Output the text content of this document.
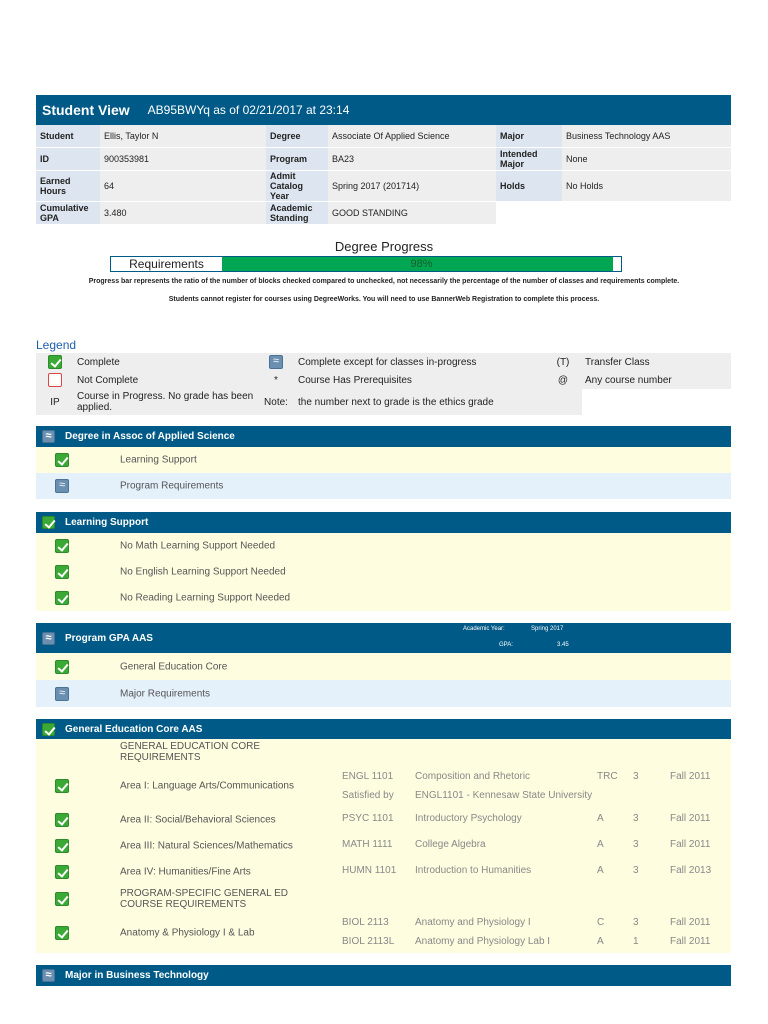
Student View AB95BWYq as of 02/21/2017 at 23:14
Student	Ellis, Taylor N	Degree	Associate Of Applied Science	Major	Business Technology AAS
ID	900353981	Program	BA23	Intended Major	None
Earned Hours	64	Admit Catalog Year	Spring 2017 (201714)	Holds	No Holds
Cumulative GPA	3.480	Academic Standing	GOOD STANDING		
Degree Progress
Requirements	98%
Progress bar represents the ratio of the number of blocks checked compared to unchecked, not necessarily the percentage of the number of classes and requirements complete.
Students cannot register for courses using DegreeWorks. You will need to use BannerWeb Registration to complete this process.
Legend
	Complete	≈	Complete except for classes in-progress	(T)	Transfer Class
	Not Complete	*	Course Has Prerequisites	@	Any course number
IP	Course in Progress. No grade has been applied.	Note:	the number next to grade is the ethics grade		
≈	Degree in Assoc of Applied Science
Learning Support
≈	Program Requirements
Learning Support
No Math Learning Support Needed
No English Learning Support Needed
No Reading Learning Support Needed
≈	Program GPA AAS
Academic Year:	Spring 2017
GPA:	3.45
General Education Core
≈	Major Requirements
General Education Core AAS
GENERAL EDUCATION CORE REQUIREMENTS
Area I: Language Arts/Communications
ENGL 1101 Composition and Rhetoric	TRC 3	Fall 2011
Satisfied by ENGL1101 - Kennesaw State University
Area II: Social/Behavioral Sciences	PSYC 1101 Introductory Psychology	A	3	Fall 2011
Area III: Natural Sciences/Mathematics	MATH 1111 College Algebra	A	3	Fall 2011
Area IV: Humanities/Fine Arts	HUMN 1101 Introduction to Humanities	A	3	Fall 2013
PROGRAM-SPECIFIC GENERAL ED COURSE REQUIREMENTS
Anatomy & Physiology I & Lab
BIOL 2113	Anatomy and Physiology I	C	3	Fall 2011
BIOL 2113L Anatomy and Physiology Lab I	A	1	Fall 2011
≈	Major in Business Technology
